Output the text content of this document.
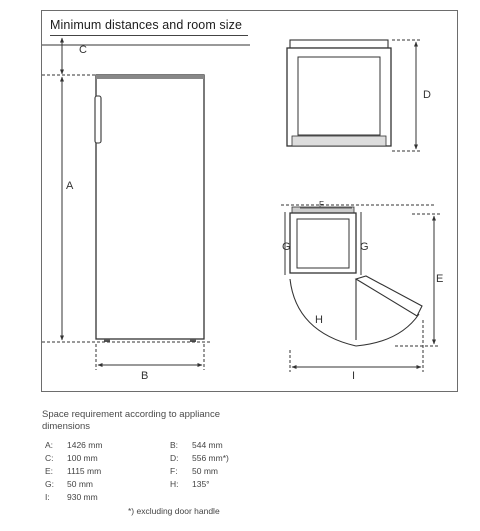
Minimum distances and room size
C
A
B
D
F
G	G
H
E
I
Space requirement according to appliance dimensions
A: 1426 mm
C: 100 mm
E: 1115 mm
G: 50 mm
I: 930 mm
B: 544 mm
D: 556 mm*)
F: 50 mm
H: 135°
*) excluding door handle
